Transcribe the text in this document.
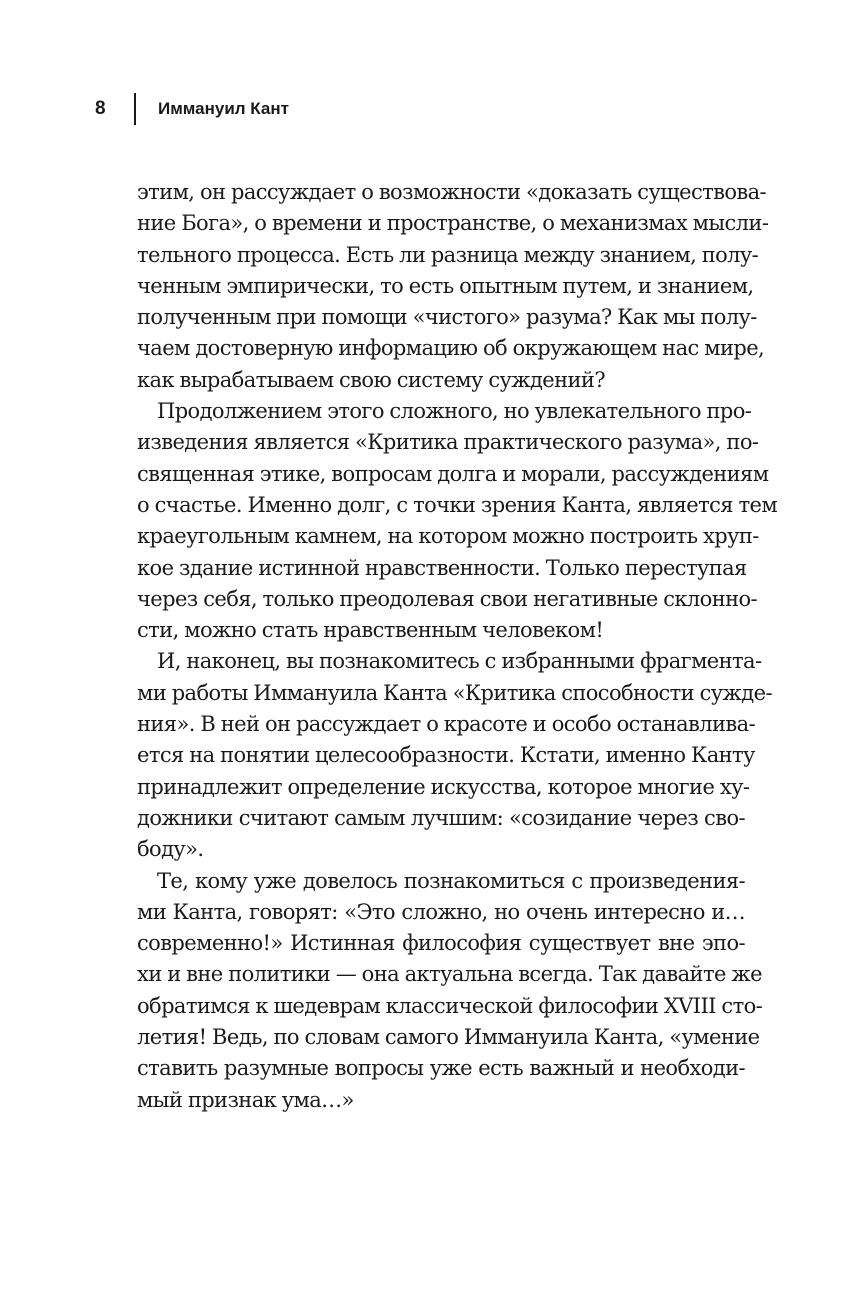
8	Иммануил Кант
этим, он рассуждает о возможности «доказать существова-
ние Бога», о времени и пространстве, о механизмах мысли-
тельного процесса. Есть ли разница между знанием, полу-
ченным эмпирически, то есть опытным путем, и знанием,
полученным при помощи «чистого» разума? Как мы полу-
чаем достоверную информацию об окружающем нас мире,
как вырабатываем свою систему суждений?
Продолжением этого сложного, но увлекательного про-
изведения является «Критика практического разума», по-
священная этике, вопросам долга и морали, рассуждениям
о счастье. Именно долг, с точки зрения Канта, является тем
краеугольным камнем, на котором можно построить хруп-
кое здание истинной нравственности. Только переступая
через себя, только преодолевая свои негативные склонно-
сти, можно стать нравственным человеком!
И, наконец, вы познакомитесь с избранными фрагмента-
ми работы Иммануила Канта «Критика способности сужде-
ния». В ней он рассуждает о красоте и особо останавлива-
ется на понятии целесообразности. Кстати, именно Канту
принадлежит определение искусства, которое многие ху-
дожники считают самым лучшим: «созидание через сво-
боду».
Те, кому уже довелось познакомиться с произведения-
ми Канта, говорят: «Это сложно, но очень интересно и…
современно!» Истинная философия существует вне эпо-
хи и вне политики — она актуальна всегда. Так давайте же
обратимся к шедеврам классической философии XVIII сто-
летия! Ведь, по словам самого Иммануила Канта, «умение
ставить разумные вопросы уже есть важный и необходи-
мый признак ума…»
